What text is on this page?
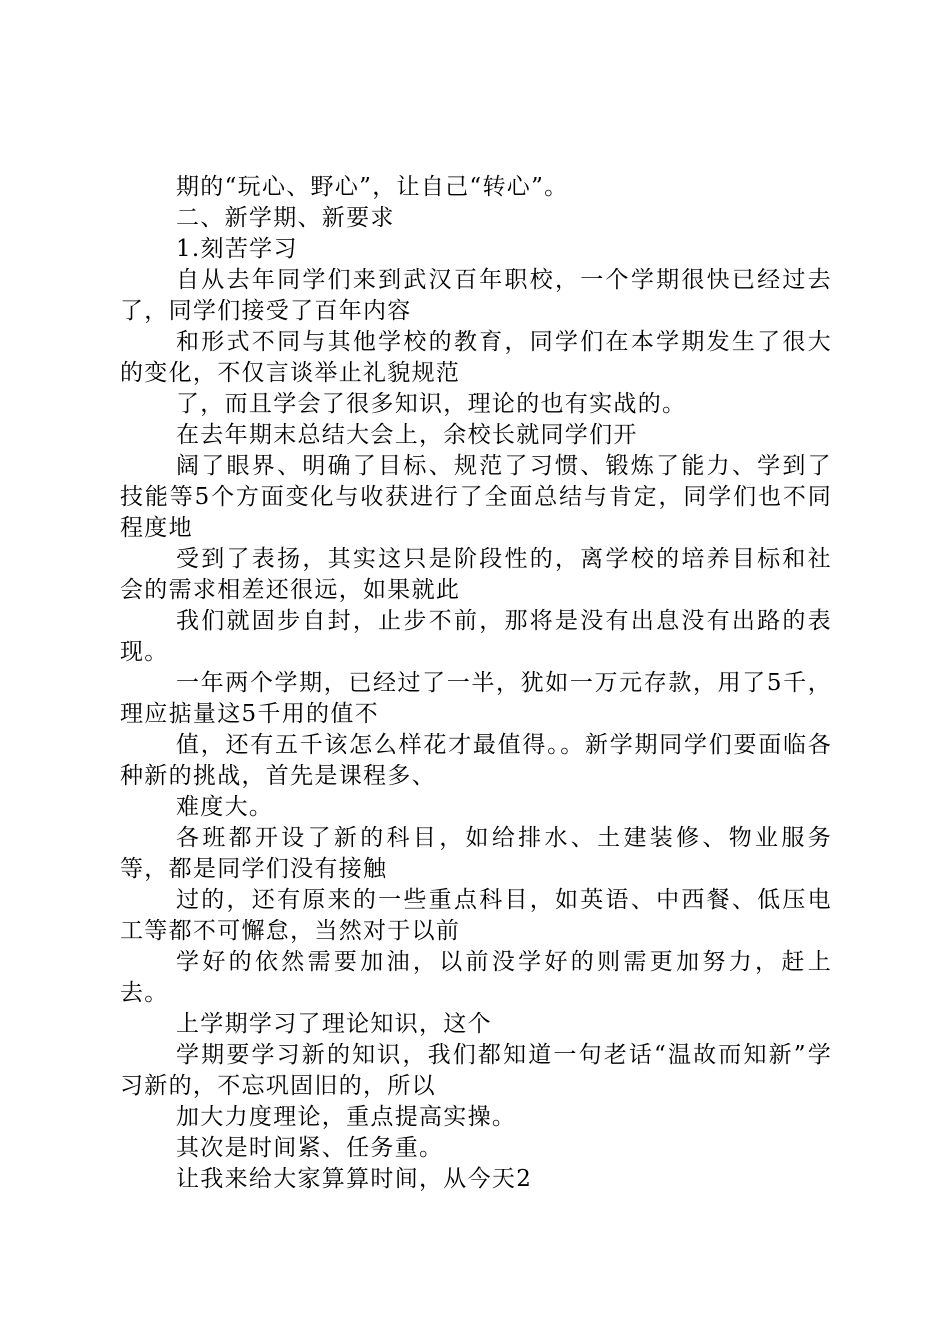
期的“玩心、野心”，让自己“转心”。

二、新学期、新要求

1.刻苦学习

自从去年同学们来到武汉百年职校，一个学期很快已经过去了，同学们接受了百年内容

和形式不同与其他学校的教育，同学们在本学期发生了很大的变化，不仅言谈举止礼貌规范

了，而且学会了很多知识，理论的也有实战的。

在去年期末总结大会上，余校长就同学们开

阔了眼界、明确了目标、规范了习惯、锻炼了能力、学到了技能等5个方面变化与收获进行了全面总结与肯定，同学们也不同程度地

受到了表扬，其实这只是阶段性的，离学校的培养目标和社会的需求相差还很远，如果就此

我们就固步自封，止步不前，那将是没有出息没有出路的表现。

一年两个学期，已经过了一半，犹如一万元存款，用了5千，理应掂量这5千用的值不

值，还有五千该怎么样花才最值得。。新学期同学们要面临各种新的挑战，首先是课程多、

难度大。

各班都开设了新的科目，如给排水、土建装修、物业服务等，都是同学们没有接触

过的，还有原来的一些重点科目，如英语、中西餐、低压电工等都不可懈怠，当然对于以前

学好的依然需要加油，以前没学好的则需更加努力，赶上去。

上学期学习了理论知识，这个

学期要学习新的知识，我们都知道一句老话“温故而知新”学习新的，不忘巩固旧的，所以

加大力度理论，重点提高实操。

其次是时间紧、任务重。

让我来给大家算算时间，从今天2
